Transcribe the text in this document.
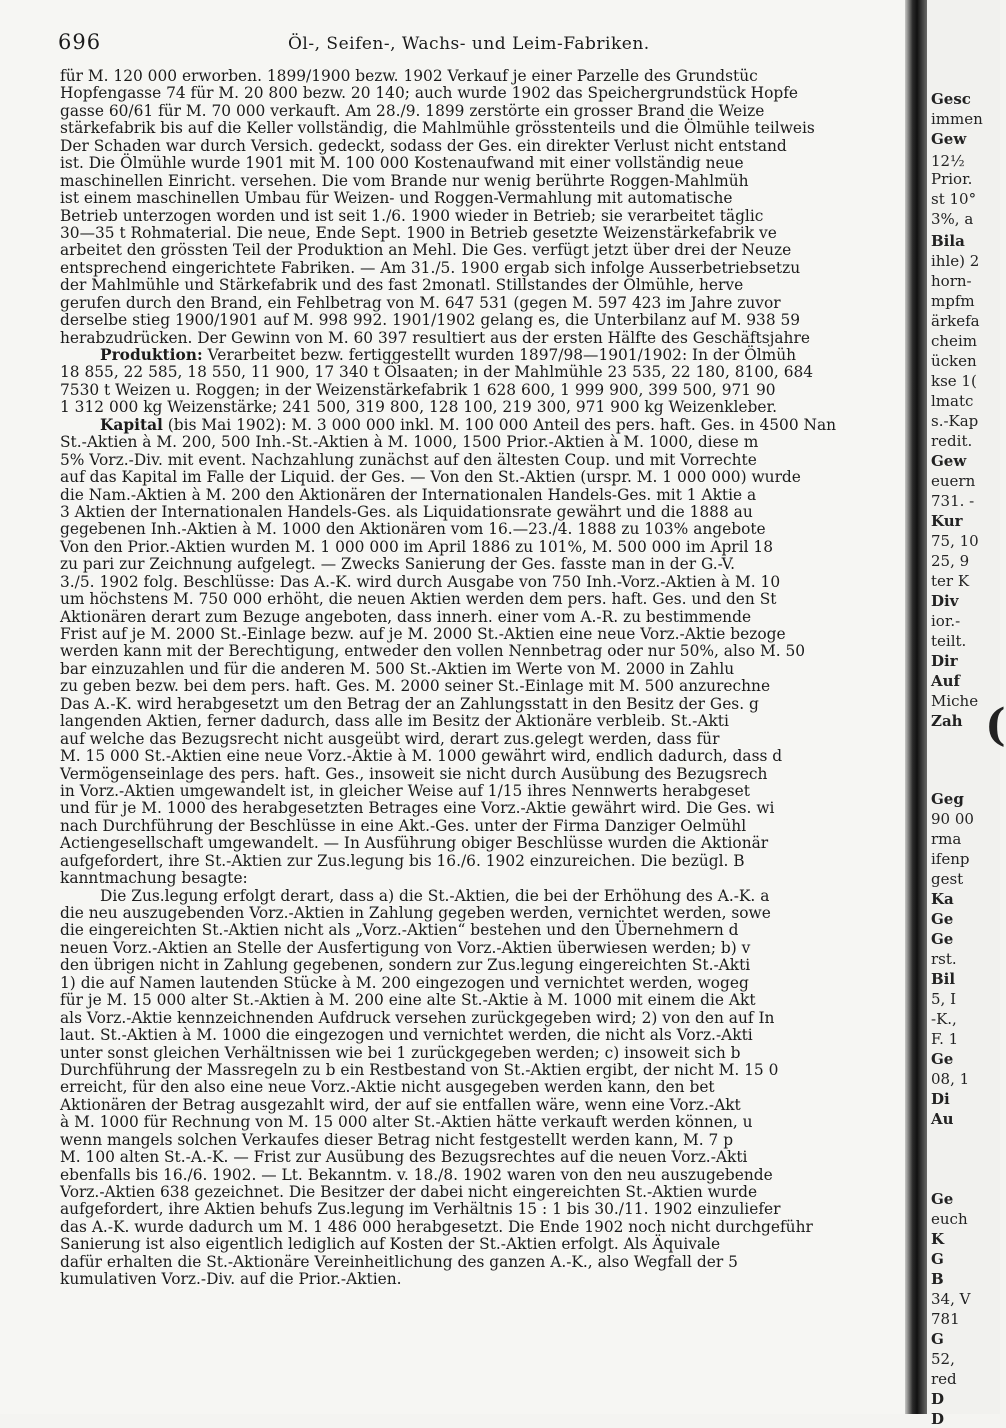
696	Öl-, Seifen-, Wachs- und Leim-Fabriken.
für M. 120 000 erworben. 1899/1900 bezw. 1902 Verkauf je einer Parzelle des Grundstüc
Hopfengasse 74 für M. 20 800 bezw. 20 140; auch wurde 1902 das Speichergrundstück Hopfe
gasse 60/61 für M. 70 000 verkauft. Am 28./9. 1899 zerstörte ein grosser Brand die Weize
stärkefabrik bis auf die Keller vollständig, die Mahlmühle grösstenteils und die Ölmühle teilweis
Der Schaden war durch Versich. gedeckt, sodass der Ges. ein direkter Verlust nicht entstand
ist. Die Ölmühle wurde 1901 mit M. 100 000 Kostenaufwand mit einer vollständig neue
maschinellen Einricht. versehen. Die vom Brande nur wenig berührte Roggen-Mahlmüh
ist einem maschinellen Umbau für Weizen- und Roggen-Vermahlung mit automatische
Betrieb unterzogen worden und ist seit 1./6. 1900 wieder in Betrieb; sie verarbeitet täglic
30—35 t Rohmaterial. Die neue, Ende Sept. 1900 in Betrieb gesetzte Weizenstärkefabrik ve
arbeitet den grössten Teil der Produktion an Mehl. Die Ges. verfügt jetzt über drei der Neuze
entsprechend eingerichtete Fabriken. — Am 31./5. 1900 ergab sich infolge Ausserbetriebsetzu
der Mahlmühle und Stärkefabrik und des fast 2monatl. Stillstandes der Ölmühle, herve
gerufen durch den Brand, ein Fehlbetrag von M. 647 531 (gegen M. 597 423 im Jahre zuvor
derselbe stieg 1900/1901 auf M. 998 992. 1901/1902 gelang es, die Unterbilanz auf M. 938 59
herabzudrücken. Der Gewinn von M. 60 397 resultiert aus der ersten Hälfte des Geschäftsjahre
Produktion: Verarbeitet bezw. fertiggestellt wurden 1897/98—1901/1902: In der Ölmüh
18 855, 22 585, 18 550, 11 900, 17 340 t Ölsaaten; in der Mahlmühle 23 535, 22 180, 8100, 684
7530 t Weizen u. Roggen; in der Weizenstärkefabrik 1 628 600, 1 999 900, 399 500, 971 90
1 312 000 kg Weizenstärke; 241 500, 319 800, 128 100, 219 300, 971 900 kg Weizenkleber.
Kapital (bis Mai 1902): M. 3 000 000 inkl. M. 100 000 Anteil des pers. haft. Ges. in 4500 Nan
St.-Aktien à M. 200, 500 Inh.-St.-Aktien à M. 1000, 1500 Prior.-Aktien à M. 1000, diese m
5% Vorz.-Div. mit event. Nachzahlung zunächst auf den ältesten Coup. und mit Vorrechte
auf das Kapital im Falle der Liquid. der Ges. — Von den St.-Aktien (urspr. M. 1 000 000) wurde
die Nam.-Aktien à M. 200 den Aktionären der Internationalen Handels-Ges. mit 1 Aktie a
3 Aktien der Internationalen Handels-Ges. als Liquidationsrate gewährt und die 1888 au
gegebenen Inh.-Aktien à M. 1000 den Aktionären vom 16.—23./4. 1888 zu 103% angebote
Von den Prior.-Aktien wurden M. 1 000 000 im April 1886 zu 101%, M. 500 000 im April 18
zu pari zur Zeichnung aufgelegt. — Zwecks Sanierung der Ges. fasste man in der G.-V.
3./5. 1902 folg. Beschlüsse: Das A.-K. wird durch Ausgabe von 750 Inh.-Vorz.-Aktien à M. 10
um höchstens M. 750 000 erhöht, die neuen Aktien werden dem pers. haft. Ges. und den St
Aktionären derart zum Bezuge angeboten, dass innerh. einer vom A.-R. zu bestimmende
Frist auf je M. 2000 St.-Einlage bezw. auf je M. 2000 St.-Aktien eine neue Vorz.-Aktie bezoge
werden kann mit der Berechtigung, entweder den vollen Nennbetrag oder nur 50%, also M. 50
bar einzuzahlen und für die anderen M. 500 St.-Aktien im Werte von M. 2000 in Zahlu
zu geben bezw. bei dem pers. haft. Ges. M. 2000 seiner St.-Einlage mit M. 500 anzurechne
Das A.-K. wird herabgesetzt um den Betrag der an Zahlungsstatt in den Besitz der Ges. g
langenden Aktien, ferner dadurch, dass alle im Besitz der Aktionäre verbleib. St.-Akti
auf welche das Bezugsrecht nicht ausgeübt wird, derart zus.gelegt werden, dass für
M. 15 000 St.-Aktien eine neue Vorz.-Aktie à M. 1000 gewährt wird, endlich dadurch, dass d
Vermögenseinlage des pers. haft. Ges., insoweit sie nicht durch Ausübung des Bezugsrech
in Vorz.-Aktien umgewandelt ist, in gleicher Weise auf 1/15 ihres Nennwerts herabgeset
und für je M. 1000 des herabgesetzten Betrages eine Vorz.-Aktie gewährt wird. Die Ges. wi
nach Durchführung der Beschlüsse in eine Akt.-Ges. unter der Firma Danziger Oelmühl
Actiengesellschaft umgewandelt. — In Ausführung obiger Beschlüsse wurden die Aktionär
aufgefordert, ihre St.-Aktien zur Zus.legung bis 16./6. 1902 einzureichen. Die bezügl. B
kanntmachung besagte:
Die Zus.legung erfolgt derart, dass a) die St.-Aktien, die bei der Erhöhung des A.-K. a
die neu auszugebenden Vorz.-Aktien in Zahlung gegeben werden, vernichtet werden, sowe
die eingereichten St.-Aktien nicht als „Vorz.-Aktien“ bestehen und den Übernehmern d
neuen Vorz.-Aktien an Stelle der Ausfertigung von Vorz.-Aktien überwiesen werden; b) v
den übrigen nicht in Zahlung gegebenen, sondern zur Zus.legung eingereichten St.-Akti
1) die auf Namen lautenden Stücke à M. 200 eingezogen und vernichtet werden, wogeg
für je M. 15 000 alter St.-Aktien à M. 200 eine alte St.-Aktie à M. 1000 mit einem die Akt
als Vorz.-Aktie kennzeichnenden Aufdruck versehen zurückgegeben wird; 2) von den auf In
laut. St.-Aktien à M. 1000 die eingezogen und vernichtet werden, die nicht als Vorz.-Akti
unter sonst gleichen Verhältnissen wie bei 1 zurückgegeben werden; c) insoweit sich b
Durchführung der Massregeln zu b ein Restbestand von St.-Aktien ergibt, der nicht M. 15 0
erreicht, für den also eine neue Vorz.-Aktie nicht ausgegeben werden kann, den bet
Aktionären der Betrag ausgezahlt wird, der auf sie entfallen wäre, wenn eine Vorz.-Akt
à M. 1000 für Rechnung von M. 15 000 alter St.-Aktien hätte verkauft werden können, u
wenn mangels solchen Verkaufes dieser Betrag nicht festgestellt werden kann, M. 7 p
M. 100 alten St.-A.-K. — Frist zur Ausübung des Bezugsrechtes auf die neuen Vorz.-Akti
ebenfalls bis 16./6. 1902. — Lt. Bekanntm. v. 18./8. 1902 waren von den neu auszugebende
Vorz.-Aktien 638 gezeichnet. Die Besitzer der dabei nicht eingereichten St.-Aktien wurde
aufgefordert, ihre Aktien behufs Zus.legung im Verhältnis 15 : 1 bis 30./11. 1902 einzuliefer
das A.-K. wurde dadurch um M. 1 486 000 herabgesetzt. Die Ende 1902 noch nicht durchgeführ
Sanierung ist also eigentlich lediglich auf Kosten der St.-Aktien erfolgt. Als Äquivale
dafür erhalten die St.-Aktionäre Vereinheitlichung des ganzen A.-K., also Wegfall der 5
kumulativen Vorz.-Div. auf die Prior.-Aktien.
(
Gesc
immen
Gew
12½
Prior.
st 10°
3%, a
Bila
ihle) 2
horn-
mpfm
ärkefa
cheim
ücken
kse 1(
lmatc
s.-Kap
redit.
Gew
euern
731. -
Kur
75, 10
25, 9
ter K
Div
ior.-
teilt.
Dir
Auf
Miche
Zah
Geg
90 00
rma
ifenp
gest
Ka
Ge
Ge
rst.
Bil
5, I
-K.,
F. 1
Ge
08, 1
Di
Au
Ge
euch
K
G
B
34, V
781
G
52,
red
D
D
